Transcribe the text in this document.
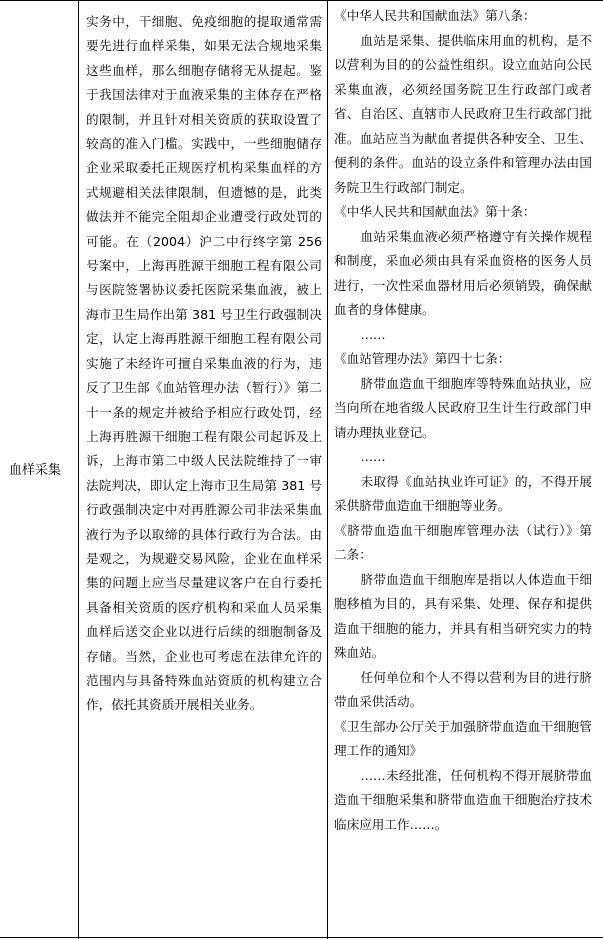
血样采集
实务中，干细胞、免疫细胞的提取通常需要先进行血样采集，如果无法合规地采集这些血样，那么细胞存储将无从提起。鉴于我国法律对于血液采集的主体存在严格的限制，并且针对相关资质的获取设置了较高的准入门槛。实践中，一些细胞储存企业采取委托正规医疗机构采集血样的方式规避相关法律限制，但遗憾的是，此类做法并不能完全阻却企业遭受行政处罚的可能。在（2004）沪二中行终字第 256 号案中，上海再胜源干细胞工程有限公司与医院签署协议委托医院采集血液，被上海市卫生局作出第 381 号卫生行政强制决定，认定上海再胜源干细胞工程有限公司实施了未经许可擅自采集血液的行为，违反了卫生部《血站管理办法（暂行）》第二十一条的规定并被给予相应行政处罚，经上海再胜源干细胞工程有限公司起诉及上诉，上海市第二中级人民法院维持了一审法院判决，即认定上海市卫生局第 381 号行政强制决定中对再胜源公司非法采集血液行为予以取缔的具体行政行为合法。由是观之，为规避交易风险，企业在血样采集的问题上应当尽量建议客户在自行委托具备相关资质的医疗机构和采血人员采集血样后送交企业以进行后续的细胞制备及存储。当然，企业也可考虑在法律允许的范围内与具备特殊血站资质的机构建立合作，依托其资质开展相关业务。

《中华人民共和国献血法》第八条：

血站是采集、提供临床用血的机构，是不以营利为目的的公益性组织。设立血站向公民采集血液，必须经国务院卫生行政部门或者省、自治区、直辖市人民政府卫生行政部门批准。血站应当为献血者提供各种安全、卫生、便利的条件。血站的设立条件和管理办法由国务院卫生行政部门制定。

《中华人民共和国献血法》第十条：

血站采集血液必须严格遵守有关操作规程和制度，采血必须由具有采血资格的医务人员进行，一次性采血器材用后必须销毁，确保献血者的身体健康。

……

《血站管理办法》第四十七条：

脐带血造血干细胞库等特殊血站执业，应当向所在地省级人民政府卫生计生行政部门申请办理执业登记。

……

未取得《血站执业许可证》的，不得开展采供脐带血造血干细胞等业务。

《脐带血造血干细胞库管理办法（试行）》第二条：

脐带血造血干细胞库是指以人体造血干细胞移植为目的，具有采集、处理、保存和提供造血干细胞的能力，并具有相当研究实力的特殊血站。

任何单位和个人不得以营利为目的进行脐带血采供活动。

《卫生部办公厅关于加强脐带血造血干细胞管理工作的通知》

……未经批准，任何机构不得开展脐带血造血干细胞采集和脐带血造血干细胞治疗技术临床应用工作……。
